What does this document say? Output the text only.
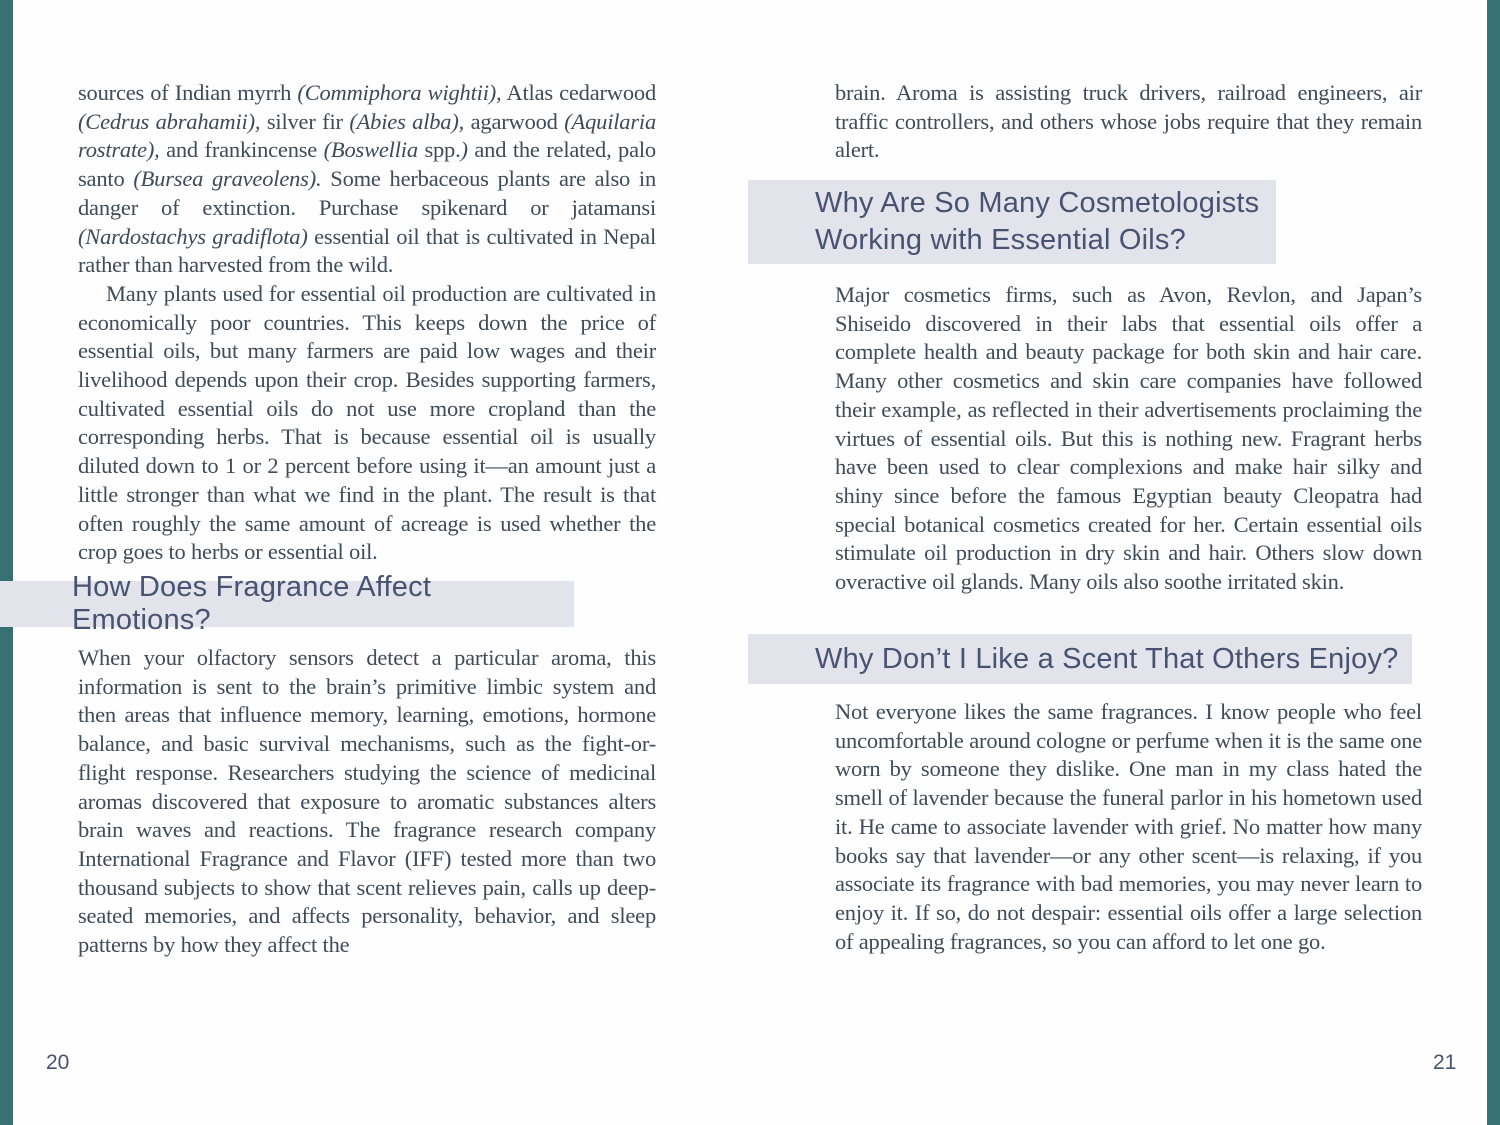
sources of Indian myrrh (Commiphora wightii), Atlas cedarwood (Cedrus abrahamii), silver fir (Abies alba), agarwood (Aquilaria rostrate), and frankincense (Boswellia spp.) and the related, palo santo (Bursea graveolens). Some herbaceous plants are also in danger of extinction. Purchase spikenard or jatamansi (Nardostachys gradiflota) essential oil that is cultivated in Nepal rather than harvested from the wild.

Many plants used for essential oil production are cultivated in economically poor countries. This keeps down the price of essential oils, but many farmers are paid low wages and their livelihood depends upon their crop. Besides supporting farmers, cultivated essential oils do not use more cropland than the corresponding herbs. That is because essential oil is usually diluted down to 1 or 2 percent before using it—an amount just a little stronger than what we find in the plant. The result is that often roughly the same amount of acreage is used whether the crop goes to herbs or essential oil.

How Does Fragrance Affect Emotions?

When your olfactory sensors detect a particular aroma, this information is sent to the brain’s primitive limbic system and then areas that influence memory, learning, emotions, hormone balance, and basic survival mechanisms, such as the fight-or-flight response. Researchers studying the science of medicinal aromas discovered that exposure to aromatic substances alters brain waves and reactions. The fragrance research company International Fragrance and Flavor (IFF) tested more than two thousand subjects to show that scent relieves pain, calls up deep-seated memories, and affects personality, behavior, and sleep patterns by how they affect the

20

brain. Aroma is assisting truck drivers, railroad engineers, air traffic controllers, and others whose jobs require that they remain alert.

Why Are So Many Cosmetologists
Working with Essential Oils?

Major cosmetics firms, such as Avon, Revlon, and Japan’s Shiseido discovered in their labs that essential oils offer a complete health and beauty package for both skin and hair care. Many other cosmetics and skin care companies have followed their example, as reflected in their advertisements proclaiming the virtues of essential oils. But this is nothing new. Fragrant herbs have been used to clear complexions and make hair silky and shiny since before the famous Egyptian beauty Cleopatra had special botanical cosmetics created for her. Certain essential oils stimulate oil production in dry skin and hair. Others slow down overactive oil glands. Many oils also soothe irritated skin.

Why Don’t I Like a Scent That Others Enjoy?

Not everyone likes the same fragrances. I know people who feel uncomfortable around cologne or perfume when it is the same one worn by someone they dislike. One man in my class hated the smell of lavender because the funeral parlor in his hometown used it. He came to associate lavender with grief. No matter how many books say that lavender—or any other scent—is relaxing, if you associate its fragrance with bad memories, you may never learn to enjoy it. If so, do not despair: essential oils offer a large selection of appealing fragrances, so you can afford to let one go.

21
